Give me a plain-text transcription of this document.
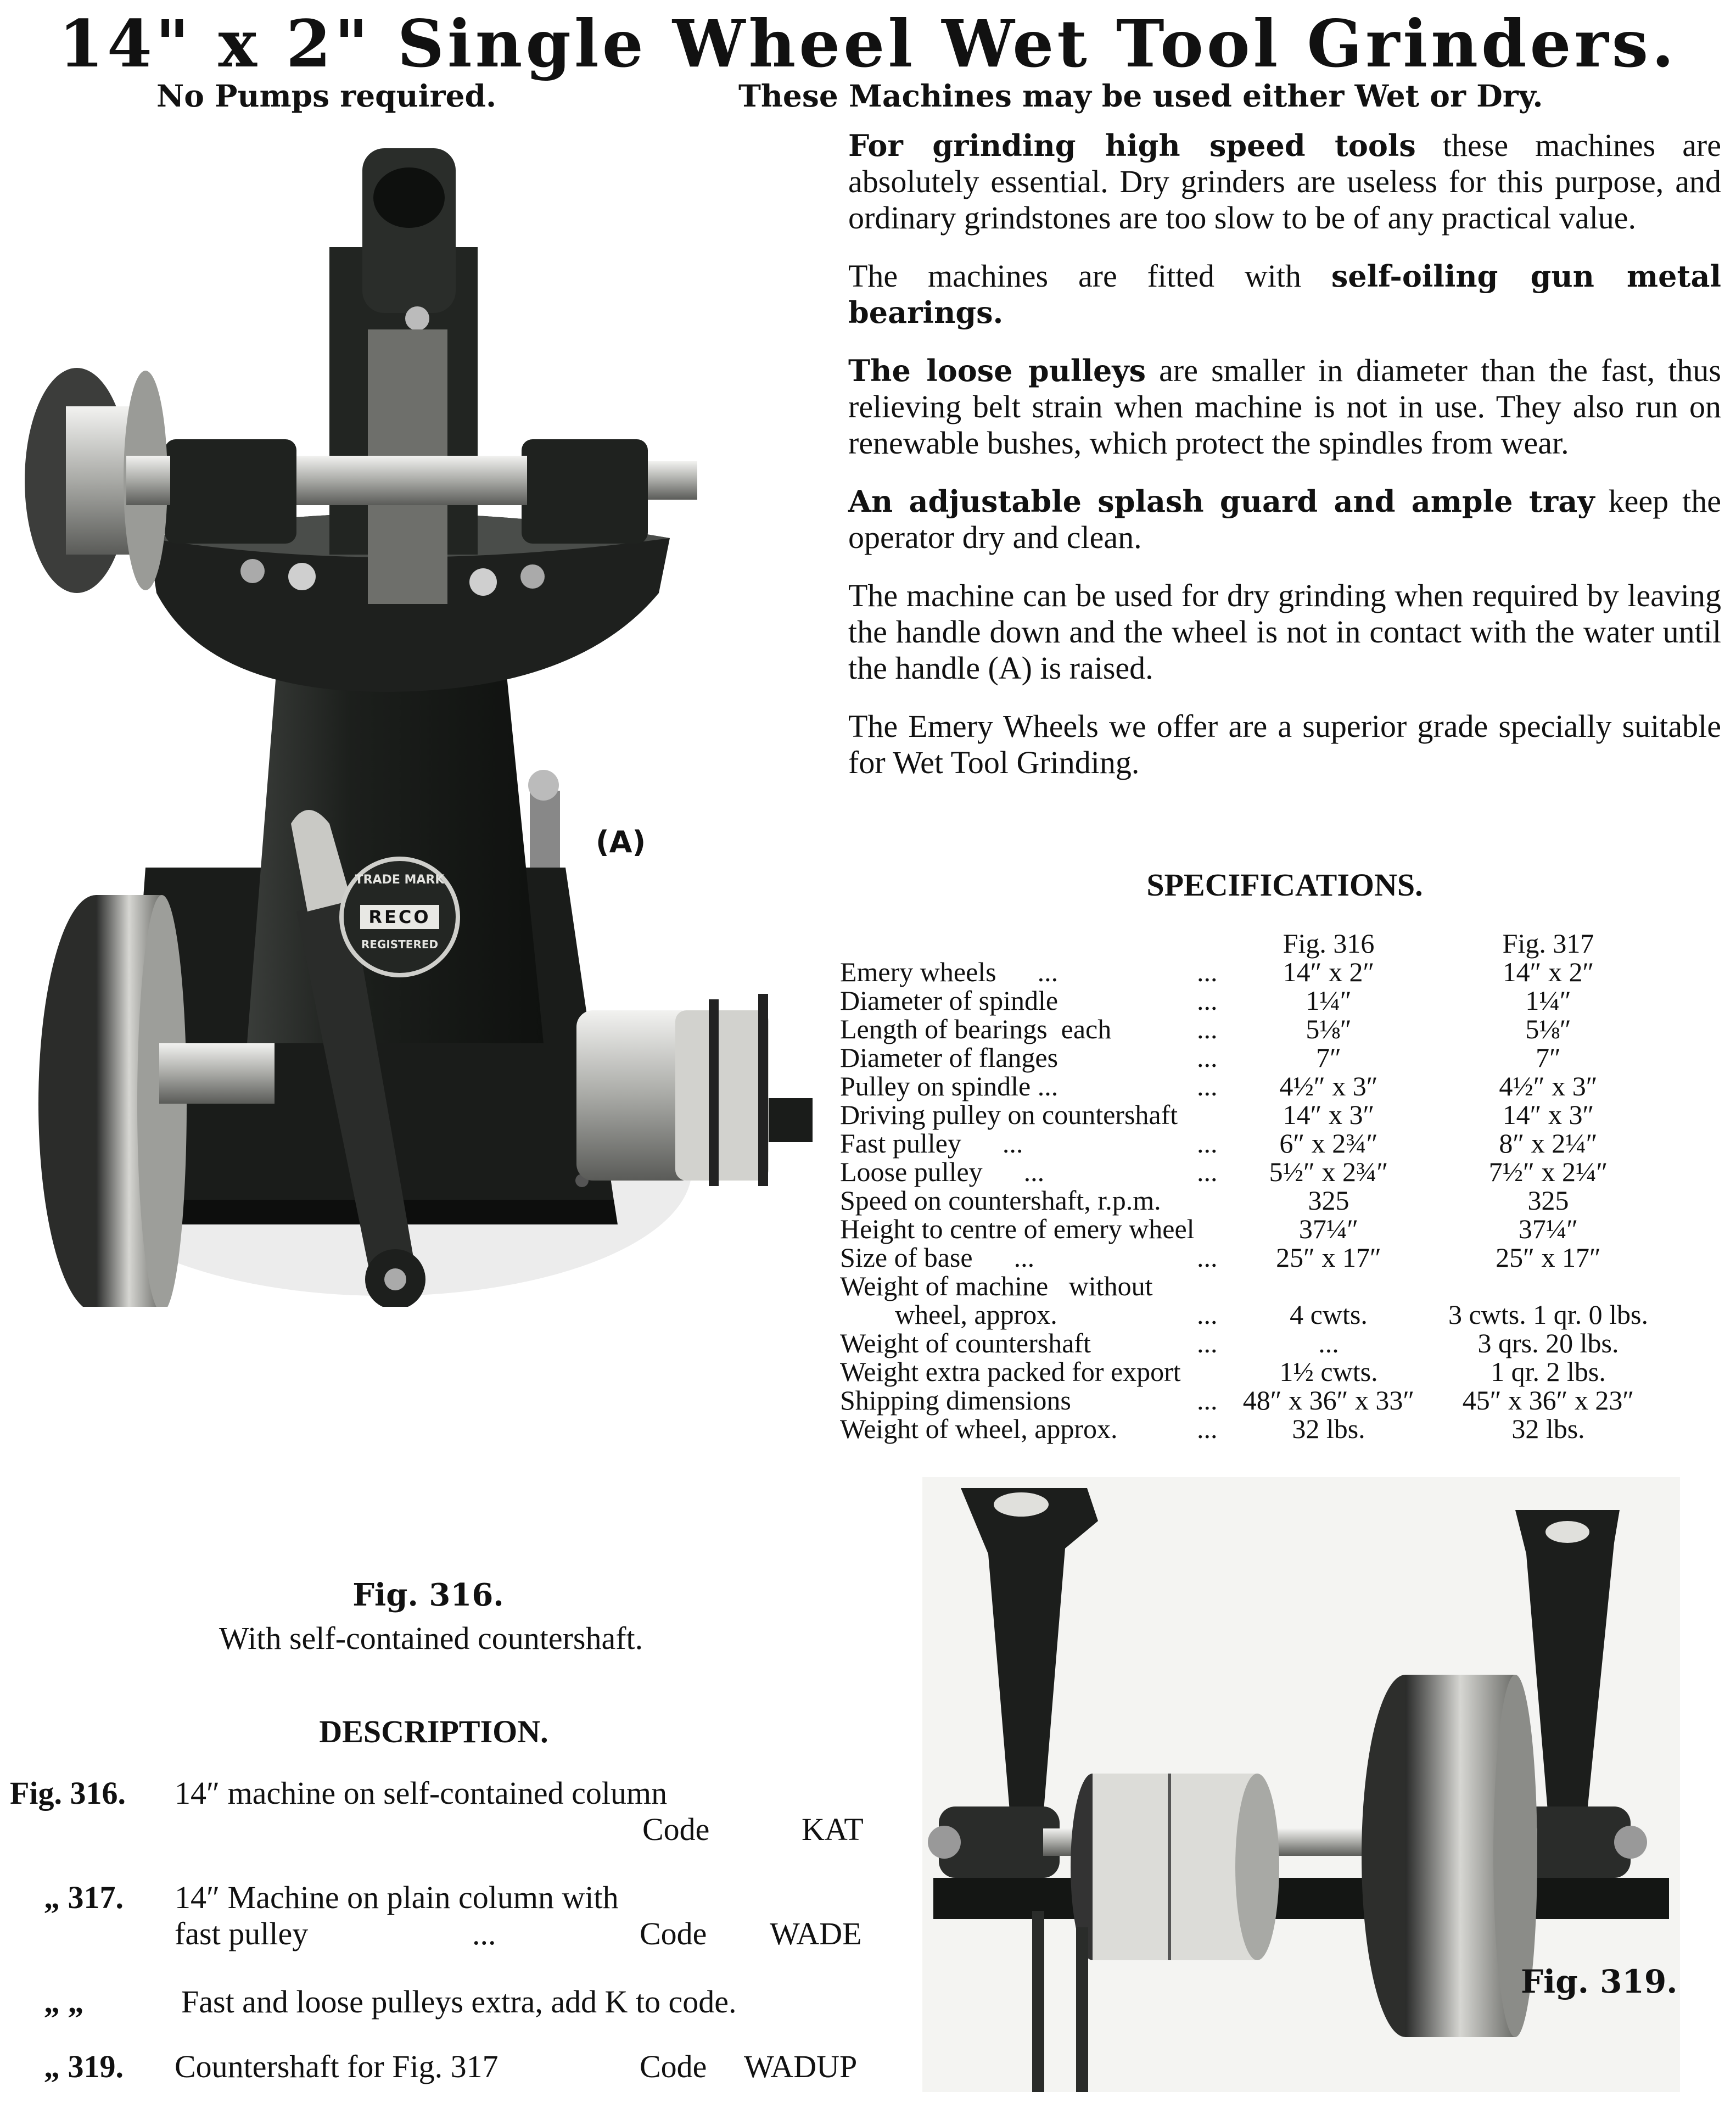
14" x 2" Single Wheel Wet Tool Grinders.
No Pumps required.	These Machines may be used either Wet or Dry.

For grinding high speed tools these machines are absolutely essential. Dry grinders are useless for this purpose, and ordinary grindstones are too slow to be of any practical value.

The machines are fitted with self-oiling gun metal bearings.

The loose pulleys are smaller in diameter than the fast, thus relieving belt strain when machine is not in use. They also run on renewable bushes, which protect the spindles from wear.

An adjustable splash guard and ample tray keep the operator dry and clean.

The machine can be used for dry grinding when required by leaving the handle down and the wheel is not in contact with the water until the handle (A) is raised.

The Emery Wheels we offer are a superior grade specially suitable for Wet Tool Grinding.

SPECIFICATIONS.
		Fig. 316	Fig. 317
Emery wheels      ...	...	14″ x 2″	14″ x 2″
Diameter of spindle	...	1¼″	1¼″
Length of bearings  each	...	5⅛″	5⅛″
Diameter of flanges	...	7″	7″
Pulley on spindle ...	...	4½″ x 3″	4½″ x 3″
Driving pulley on countershaft		14″ x 3″	14″ x 3″
Fast pulley      ...	...	6″ x 2¾″	8″ x 2¼″
Loose pulley      ...	...	5½″ x 2¾″	7½″ x 2¼″
Speed on countershaft, r.p.m.		325	325
Height to centre of emery wheel		37¼″	37¼″
Size of base      ...	...	25″ x 17″	25″ x 17″
Weight of machine   without			
wheel, approx.	...	4 cwts.	3 cwts. 1 qr. 0 lbs.
Weight of countershaft	...	...	3 qrs. 20 lbs.
Weight extra packed for export		1½ cwts.	1 qr. 2 lbs.
Shipping dimensions	...	48″ x 36″ x 33″	45″ x 36″ x 23″
Weight of wheel, approx.	...	32 lbs.	32 lbs.
TRADE MARK
RECO
REGISTERED
(A)
Fig. 316.
With self-contained countershaft.
DESCRIPTION.
Fig. 316. 14″ machine on self-contained column
Code	KAT
„ 317. 14″ Machine on plain column with
fast pulley	...	Code WADE
„ „	Fast and loose pulleys extra, add K to code.
„ 319. Countershaft for Fig. 317	Code WADUP
Fig. 319.
